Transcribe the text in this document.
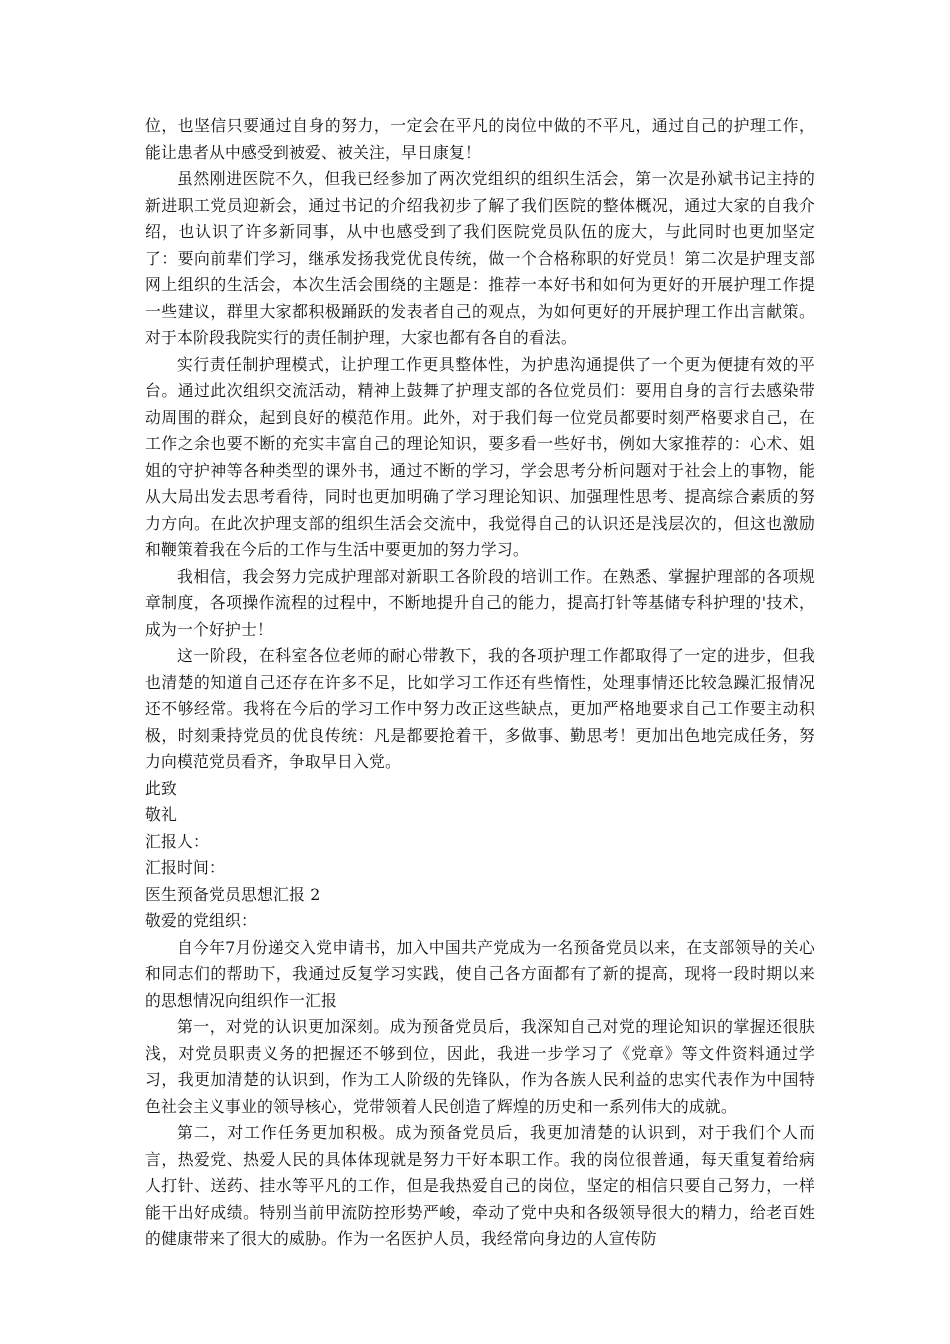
位，也坚信只要通过自身的努力，一定会在平凡的岗位中做的不平凡，通过自己的护理工作，能让患者从中感受到被爱、被关注，早日康复！

虽然刚进医院不久，但我已经参加了两次党组织的组织生活会，第一次是孙斌书记主持的新进职工党员迎新会，通过书记的介绍我初步了解了我们医院的整体概况，通过大家的自我介绍，也认识了许多新同事，从中也感受到了我们医院党员队伍的庞大，与此同时也更加坚定了：要向前辈们学习，继承发扬我党优良传统，做一个合格称职的好党员！第二次是护理支部网上组织的生活会，本次生活会围绕的主题是：推荐一本好书和如何为更好的开展护理工作提一些建议，群里大家都积极踊跃的发表者自己的观点，为如何更好的开展护理工作出言献策。对于本阶段我院实行的责任制护理，大家也都有各自的看法。

实行责任制护理模式，让护理工作更具整体性，为护患沟通提供了一个更为便捷有效的平台。通过此次组织交流活动，精神上鼓舞了护理支部的各位党员们：要用自身的言行去感染带动周围的群众，起到良好的模范作用。此外，对于我们每一位党员都要时刻严格要求自己，在工作之余也要不断的充实丰富自己的理论知识，要多看一些好书，例如大家推荐的：心术、姐姐的守护神等各种类型的课外书，通过不断的学习，学会思考分析问题对于社会上的事物，能从大局出发去思考看待，同时也更加明确了学习理论知识、加强理性思考、提高综合素质的努力方向。在此次护理支部的组织生活会交流中，我觉得自己的认识还是浅层次的，但这也激励和鞭策着我在今后的工作与生活中要更加的努力学习。

我相信，我会努力完成护理部对新职工各阶段的培训工作。在熟悉、掌握护理部的各项规章制度，各项操作流程的过程中，不断地提升自己的能力，提高打针等基储专科护理的'技术，成为一个好护士！

这一阶段，在科室各位老师的耐心带教下，我的各项护理工作都取得了一定的进步，但我也清楚的知道自己还存在许多不足，比如学习工作还有些惰性，处理事情还比较急躁汇报情况还不够经常。我将在今后的学习工作中努力改正这些缺点，更加严格地要求自己工作要主动积极，时刻秉持党员的优良传统：凡是都要抢着干，多做事、勤思考！更加出色地完成任务，努力向模范党员看齐，争取早日入党。

此致

敬礼

汇报人：

汇报时间：

医生预备党员思想汇报 2

敬爱的党组织：

自今年7月份递交入党申请书，加入中国共产党成为一名预备党员以来，在支部领导的关心和同志们的帮助下，我通过反复学习实践，使自己各方面都有了新的提高，现将一段时期以来的思想情况向组织作一汇报

第一，对党的认识更加深刻。成为预备党员后，我深知自己对党的理论知识的掌握还很肤浅，对党员职责义务的把握还不够到位，因此，我进一步学习了《党章》等文件资料通过学习，我更加清楚的认识到，作为工人阶级的先锋队，作为各族人民利益的忠实代表作为中国特色社会主义事业的领导核心，党带领着人民创造了辉煌的历史和一系列伟大的成就。

第二，对工作任务更加积极。成为预备党员后，我更加清楚的认识到，对于我们个人而言，热爱党、热爱人民的具体体现就是努力干好本职工作。我的岗位很普通，每天重复着给病人打针、送药、挂水等平凡的工作，但是我热爱自己的岗位，坚定的相信只要自己努力，一样能干出好成绩。特别当前甲流防控形势严峻，牵动了党中央和各级领导很大的精力，给老百姓的健康带来了很大的威胁。作为一名医护人员，我经常向身边的人宣传防
